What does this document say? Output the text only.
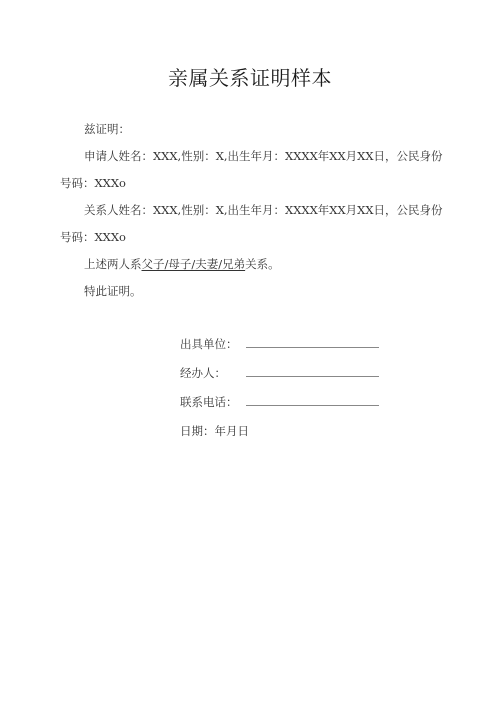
亲属关系证明样本

兹证明：

申请人姓名：XXX,性别：X,出生年月：XXXX年XX月XX日，公民身份号码：XXXo

关系人姓名：XXX,性别：X,出生年月：XXXX年XX月XX日，公民身份号码：XXXo

上述两人系父子/母子/夫妻/兄弟关系。

特此证明。

出具单位：
经办人：
联系电话：
日期：年月日
